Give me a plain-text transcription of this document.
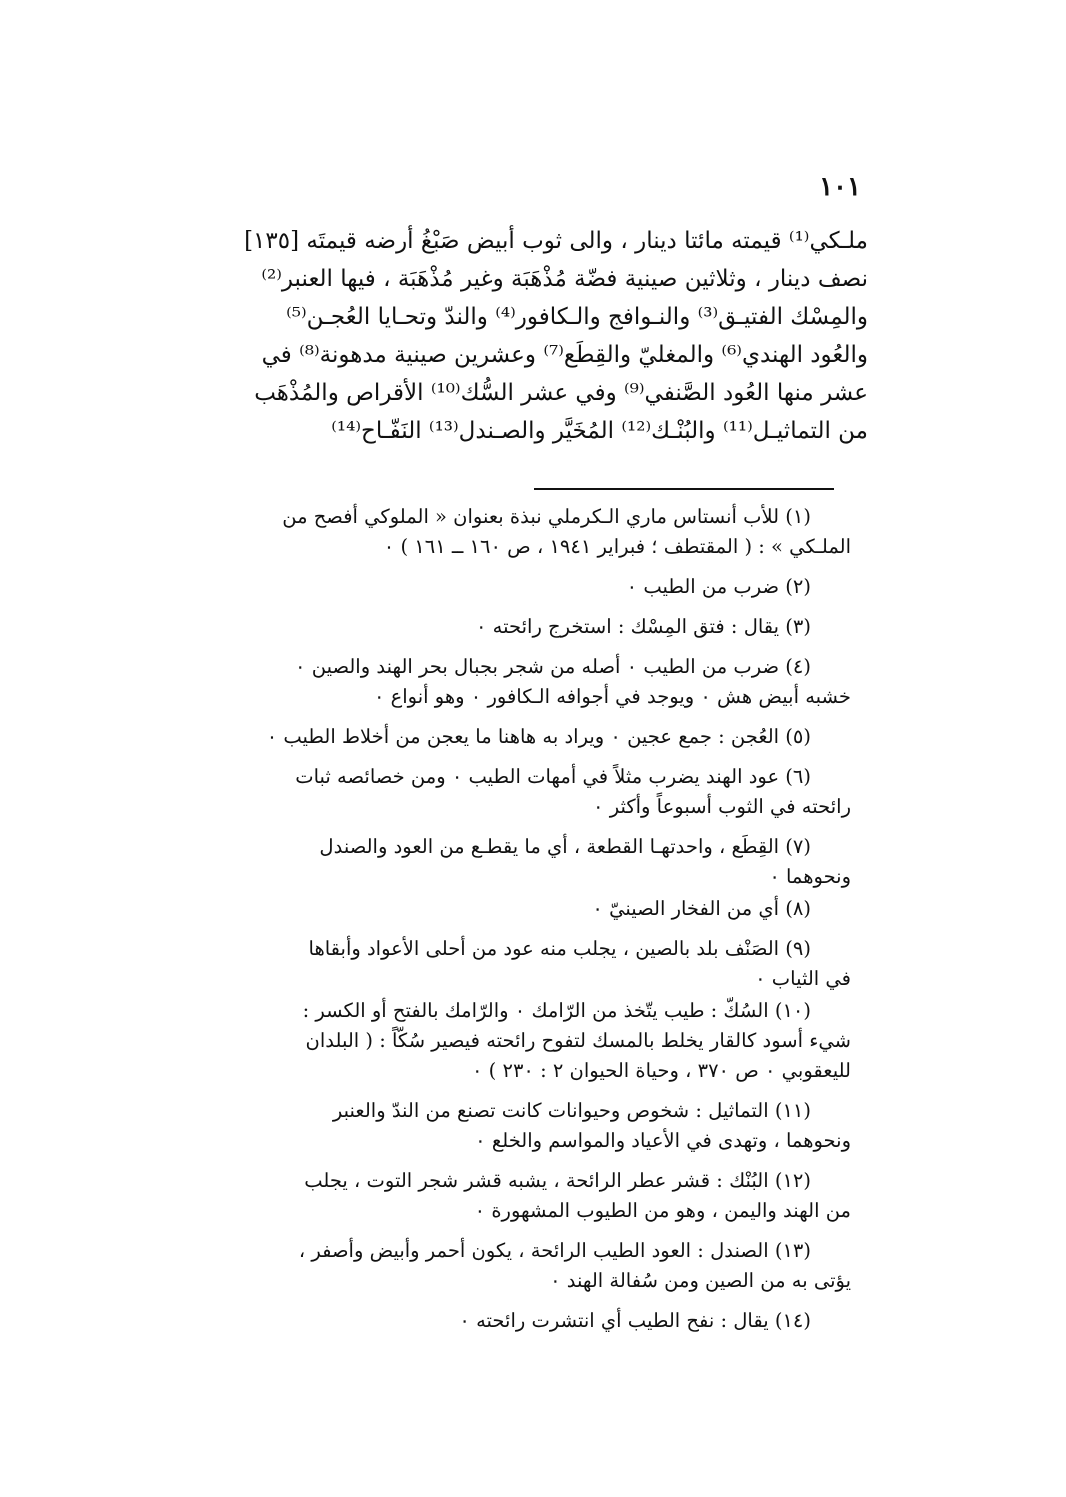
١٠١
ملـكي⁽¹⁾ قيمته مائتا دينار ، والى ثوب أبيض صَبْغُ أرضه قيمتَه [١٣٥]
نصف دينار ، وثلاثين صينية فضّة مُذْهَبَة وغير مُذْهَبَة ، فيها العنبر⁽²⁾
والمِسْك الفتيـق⁽³⁾ والنـوافج والـكافور⁽⁴⁾ والندّ وتحـايا العُجـن⁽⁵⁾
والعُود الهندي⁽⁶⁾ والمغليّ والقِطَع⁽⁷⁾ وعشرين صينية مدهونة⁽⁸⁾ في
عشر منها العُود الصَّنفي⁽⁹⁾ وفي عشر السُّك⁽¹⁰⁾ الأقراص والمُذْهَب
من التماثيـل⁽¹¹⁾ والبُنْـك⁽¹²⁾ المُخَيَّر والصـندل⁽¹³⁾ النَفّـاح⁽¹⁴⁾
(١) للأب أنستاس ماري الـكرملي نبذة بعنوان « الملوكي أفصح من
الملـكي » : ( المقتطف ؛ فبراير ١٩٤١ ، ص ١٦٠ ــ ١٦١ ) ٠
(٢) ضرب من الطيب ٠
(٣) يقال : فتق المِسْك : استخرج رائحته ٠
(٤) ضرب من الطيب ٠ أصله من شجر بجبال بحر الهند والصين ٠
خشبه أبيض هش ٠ ويوجد في أجوافه الـكافور ٠ وهو أنواع ٠
(٥) العُجن : جمع عجين ٠ ويراد به هاهنا ما يعجن من أخلاط الطيب ٠
(٦) عود الهند يضرب مثلاً في أمهات الطيب ٠ ومن خصائصه ثبات
رائحته في الثوب أسبوعاً وأكثر ٠
(٧) القِطَع ، واحدتهـا القطعة ، أي ما يقطـع من العود والصندل
ونحوهما ٠
(٨) أي من الفخار الصينيّ ٠
(٩) الصَنْف بلد بالصين ، يجلب منه عود من أحلى الأعواد وأبقاها
في الثياب ٠
(١٠) السُكّ : طيب يتّخذ من الرّامك ٠ والرّامك بالفتح أو الكسر :
شيء أسود كالقار يخلط بالمسك لتفوح رائحته فيصير سُكّاً : ( البلدان
لليعقوبي ٠ ص ٣٧٠ ، وحياة الحيوان ٢ : ٢٣٠ ) ٠
(١١) التماثيل : شخوص وحيوانات كانت تصنع من الندّ والعنبر
ونحوهما ، وتهدى في الأعياد والمواسم والخلع ٠
(١٢) البُنْك : قشر عطر الرائحة ، يشبه قشر شجر التوت ، يجلب
من الهند واليمن ، وهو من الطيوب المشهورة ٠
(١٣) الصندل : العود الطيب الرائحة ، يكون أحمر وأبيض وأصفر ،
يؤتى به من الصين ومن سُفالة الهند ٠
(١٤) يقال : نفح الطيب أي انتشرت رائحته ٠
